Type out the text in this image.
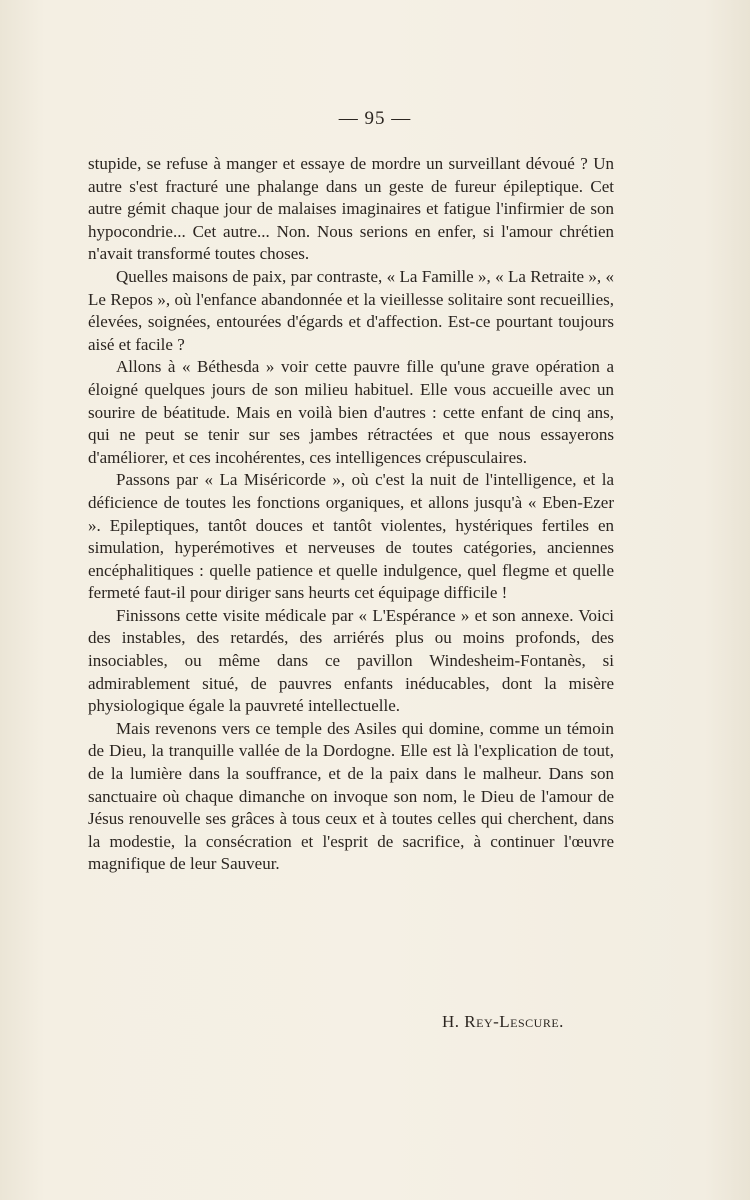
— 95 —

stupide, se refuse à manger et essaye de mordre un surveillant dévoué ? Un autre s'est fracturé une phalange dans un geste de fureur épileptique. Cet autre gémit chaque jour de malaises imaginaires et fatigue l'infirmier de son hypocondrie... Cet autre... Non. Nous serions en enfer, si l'amour chrétien n'avait transformé toutes choses.

Quelles maisons de paix, par contraste, « La Famille », « La Retraite », « Le Repos », où l'enfance abandonnée et la vieillesse solitaire sont recueillies, élevées, soignées, entourées d'égards et d'affection. Est-ce pourtant toujours aisé et facile ?

Allons à « Béthesda » voir cette pauvre fille qu'une grave opération a éloigné quelques jours de son milieu habituel. Elle vous accueille avec un sourire de béatitude. Mais en voilà bien d'autres : cette enfant de cinq ans, qui ne peut se tenir sur ses jambes rétractées et que nous essayerons d'améliorer, et ces incohérentes, ces intelligences crépusculaires.

Passons par « La Miséricorde », où c'est la nuit de l'intelligence, et la déficience de toutes les fonctions organiques, et allons jusqu'à « Eben-Ezer ». Epileptiques, tantôt douces et tantôt violentes, hystériques fertiles en simulation, hyperémotives et nerveuses de toutes catégories, anciennes encéphalitiques : quelle patience et quelle indulgence, quel flegme et quelle fermeté faut-il pour diriger sans heurts cet équipage difficile !

Finissons cette visite médicale par « L'Espérance » et son annexe. Voici des instables, des retardés, des arriérés plus ou moins profonds, des insociables, ou même dans ce pavillon Windesheim-Fontanès, si admirablement situé, de pauvres enfants inéducables, dont la misère physiologique égale la pauvreté intellectuelle.

Mais revenons vers ce temple des Asiles qui domine, comme un témoin de Dieu, la tranquille vallée de la Dordogne. Elle est là l'explication de tout, de la lumière dans la souffrance, et de la paix dans le malheur. Dans son sanctuaire où chaque dimanche on invoque son nom, le Dieu de l'amour de Jésus renouvelle ses grâces à tous ceux et à toutes celles qui cherchent, dans la modestie, la consécration et l'esprit de sacrifice, à continuer l'œuvre magnifique de leur Sauveur.

H. Rey-Lescure.
